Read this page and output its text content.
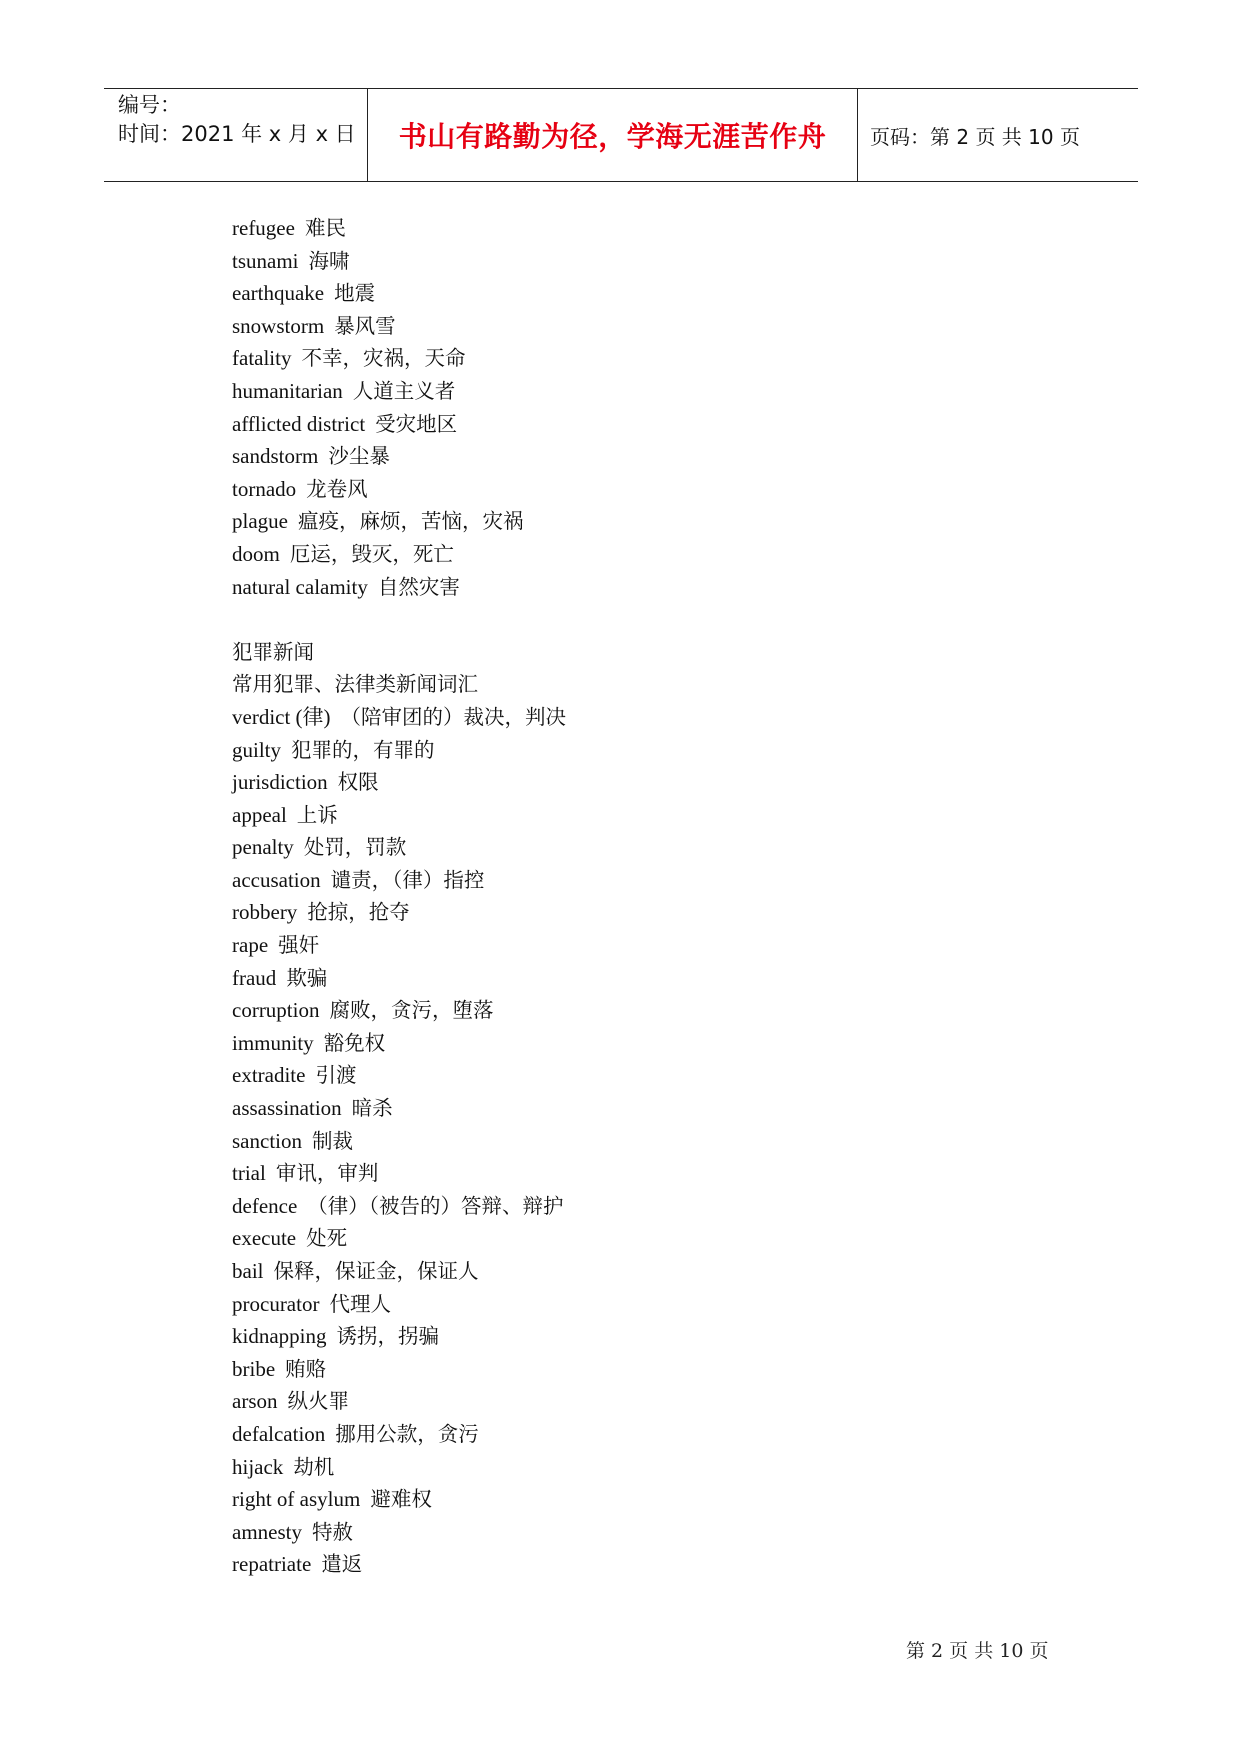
编号：
时间：2021 年 x 月 x 日	书山有路勤为径，学海无涯苦作舟 页码：第 2 页 共 10 页
refugee 难民
tsunami 海啸
earthquake 地震
snowstorm 暴风雪
fatality 不幸，灾祸，天命
humanitarian 人道主义者
afflicted district 受灾地区
sandstorm 沙尘暴
tornado 龙卷风
plague 瘟疫，麻烦，苦恼，灾祸
doom 厄运，毁灭，死亡
natural calamity 自然灾害
犯罪新闻
常用犯罪、法律类新闻词汇
verdict (律) （陪审团的）裁决，判决
guilty 犯罪的，有罪的
jurisdiction 权限
appeal 上诉
penalty 处罚，罚款
accusation 谴责，（律）指控
robbery 抢掠，抢夺
rape 强奸
fraud 欺骗
corruption 腐败，贪污，堕落
immunity 豁免权
extradite 引渡
assassination 暗杀
sanction 制裁
trial 审讯，审判
defence （律）（被告的）答辩、辩护
execute 处死
bail 保释，保证金，保证人
procurator 代理人
kidnapping 诱拐，拐骗
bribe 贿赂
arson 纵火罪
defalcation 挪用公款，贪污
hijack 劫机
right of asylum 避难权
amnesty 特赦
repatriate 遣返
第 2 页 共 10 页
